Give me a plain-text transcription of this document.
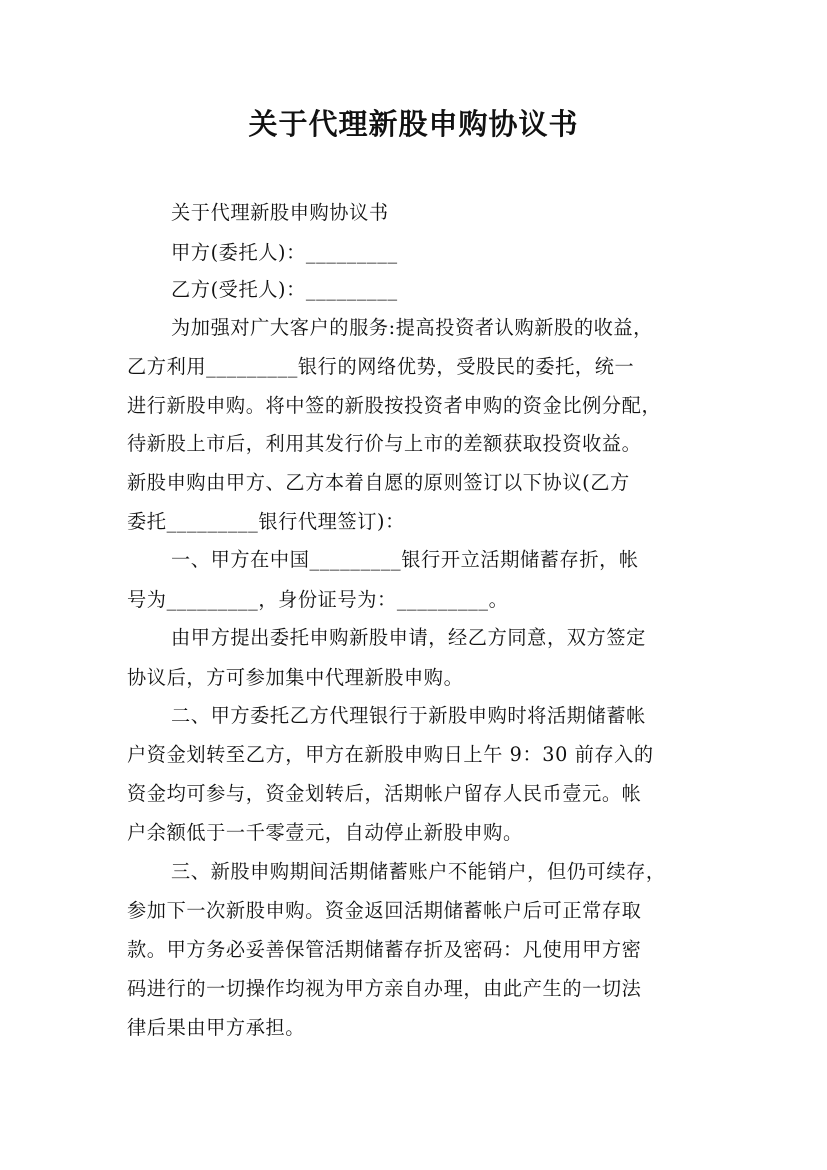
关于代理新股申购协议书
关于代理新股申购协议书
甲方(委托人)：_________
乙方(受托人)：_________
为加强对广大客户的服务:提高投资者认购新股的收益，
乙方利用_________银行的网络优势，受股民的委托，统一
进行新股申购。将中签的新股按投资者申购的资金比例分配，
待新股上市后，利用其发行价与上市的差额获取投资收益。
新股申购由甲方、乙方本着自愿的原则签订以下协议(乙方
委托_________银行代理签订)：
一、甲方在中国_________银行开立活期储蓄存折，帐
号为_________，身份证号为：_________。
由甲方提出委托申购新股申请，经乙方同意，双方签定
协议后，方可参加集中代理新股申购。
二、甲方委托乙方代理银行于新股申购时将活期储蓄帐
户资金划转至乙方，甲方在新股申购日上午 9：30 前存入的
资金均可参与，资金划转后，活期帐户留存人民币壹元。帐
户余额低于一千零壹元，自动停止新股申购。
三、新股申购期间活期储蓄账户不能销户，但仍可续存，
参加下一次新股申购。资金返回活期储蓄帐户后可正常存取
款。甲方务必妥善保管活期储蓄存折及密码：凡使用甲方密
码进行的一切操作均视为甲方亲自办理，由此产生的一切法
律后果由甲方承担。
